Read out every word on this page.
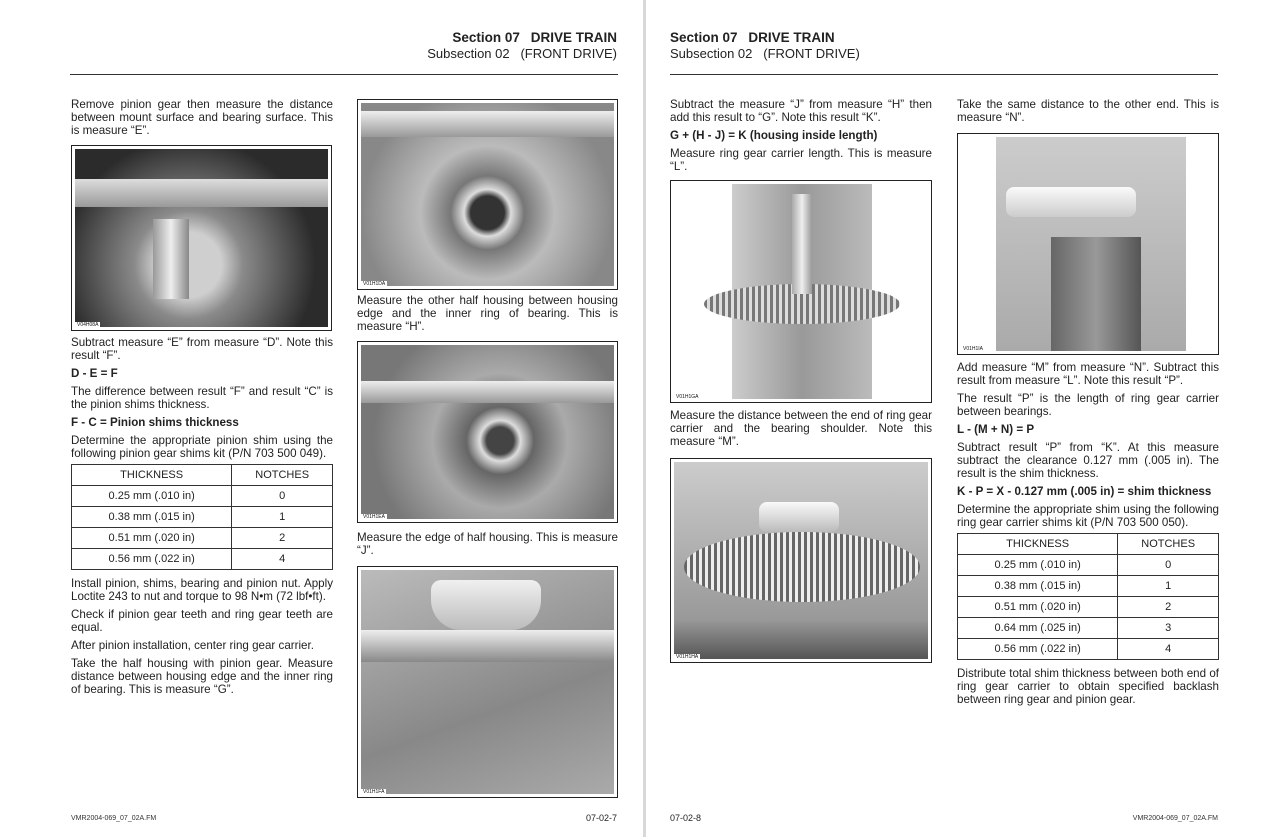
Section 07 DRIVE TRAIN
Subsection 02 (FRONT DRIVE)

Remove pinion gear then measure the distance between mount surface and bearing surface. This is measure “E”.

V04H08A

Subtract measure “E” from measure “D”. Note this result “F”.

D - E = F

The difference between result “F” and result “C” is the pinion shims thickness.

F - C = Pinion shims thickness

Determine the appropriate pinion shim using the following pinion gear shims kit (P/N 703 500 049).

THICKNESS	NOTCHES
0.25 mm (.010 in)	0
0.38 mm (.015 in)	1
0.51 mm (.020 in)	2
0.56 mm (.022 in)	4

Install pinion, shims, bearing and pinion nut. Apply Loctite 243 to nut and torque to 98 N•m (72 lbf•ft).

Check if pinion gear teeth and ring gear teeth are equal.

After pinion installation, center ring gear carrier.

Take the half housing with pinion gear. Measure distance between housing edge and the inner ring of bearing. This is measure “G”.

V01H1DA

Measure the other half housing between housing edge and the inner ring of bearing. This is measure “H”.

V01H1EA

Measure the edge of half housing. This is measure “J”.

V01H1FA
VMR2004-069_07_02A.FM	07-02-7
Section 07 DRIVE TRAIN
Subsection 02 (FRONT DRIVE)

Subtract the measure “J” from measure “H” then add this result to “G”. Note this result “K”.

G + (H - J) = K (housing inside length)

Measure ring gear carrier length. This is measure “L”.

V01H1GA

Measure the distance between the end of ring gear carrier and the bearing shoulder. Note this measure “M”.

V01H1HA

Take the same distance to the other end. This is measure “N”.

V01H1IA

Add measure “M” from measure “N”. Subtract this result from measure “L”. Note this result “P”.

The result “P” is the length of ring gear carrier between bearings.

L - (M + N) = P

Subtract result “P” from “K”. At this measure subtract the clearance 0.127 mm (.005 in). The result is the shim thickness.

K - P = X - 0.127 mm (.005 in) = shim thickness

Determine the appropriate shim using the following ring gear carrier shims kit (P/N 703 500 050).

THICKNESS	NOTCHES
0.25 mm (.010 in)	0
0.38 mm (.015 in)	1
0.51 mm (.020 in)	2
0.64 mm (.025 in)	3
0.56 mm (.022 in)	4

Distribute total shim thickness between both end of ring gear carrier to obtain specified backlash between ring gear and pinion gear.

07-02-8	VMR2004-069_07_02A.FM
